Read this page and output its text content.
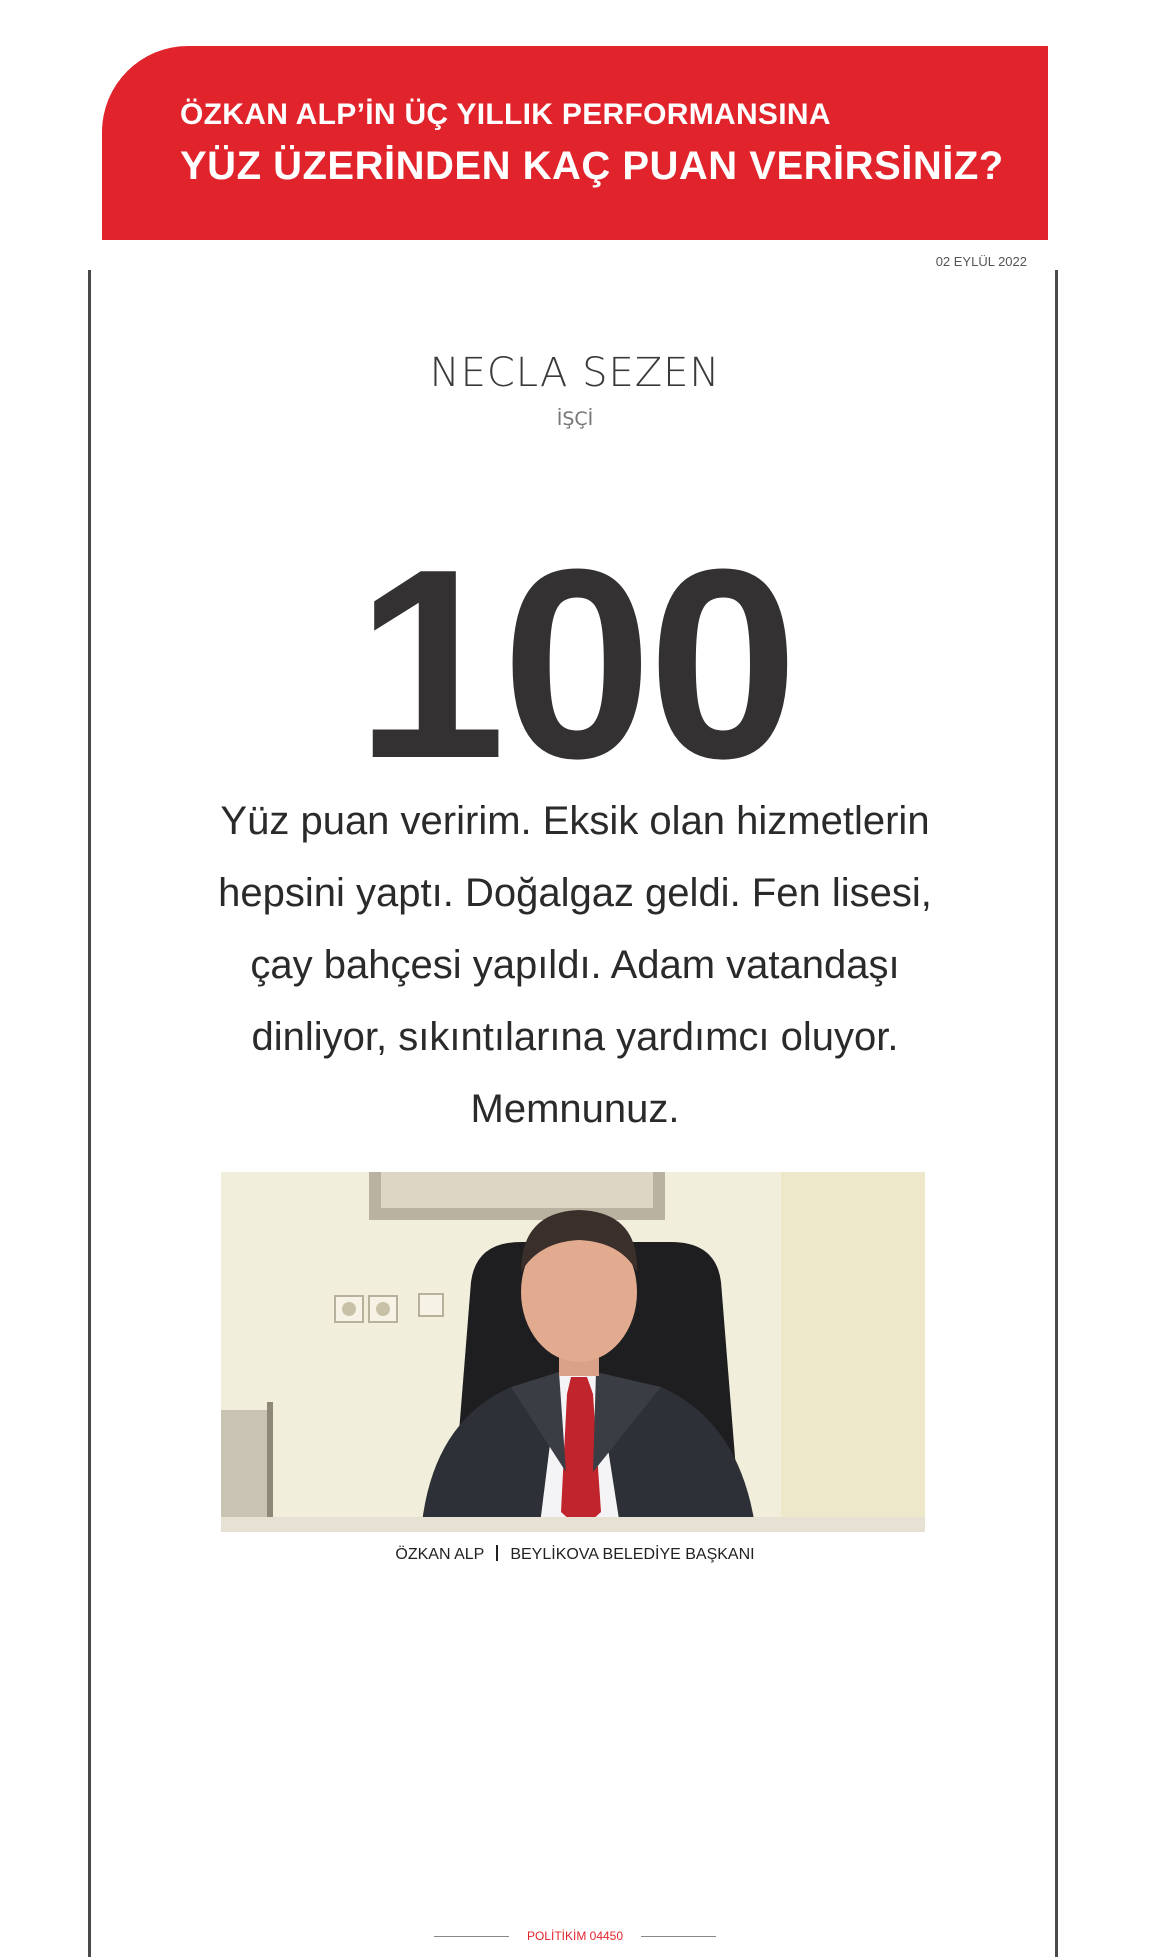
ÖZKAN ALP’İN ÜÇ YILLIK PERFORMANSINA
YÜZ ÜZERİNDEN KAÇ PUAN VERİRSİNİZ?
02 EYLÜL 2022
NECLA SEZEN
İŞÇİ
100
Yüz puan veririm. Eksik olan hizmetlerin hepsini yaptı. Doğalgaz geldi. Fen lisesi, çay bahçesi yapıldı. Adam vatandaşı dinliyor, sıkıntılarına yardımcı oluyor. Memnunuz.
ÖZKAN ALP BEYLİKOVA BELEDİYE BAŞKANI
POLİTİKİM 04450
